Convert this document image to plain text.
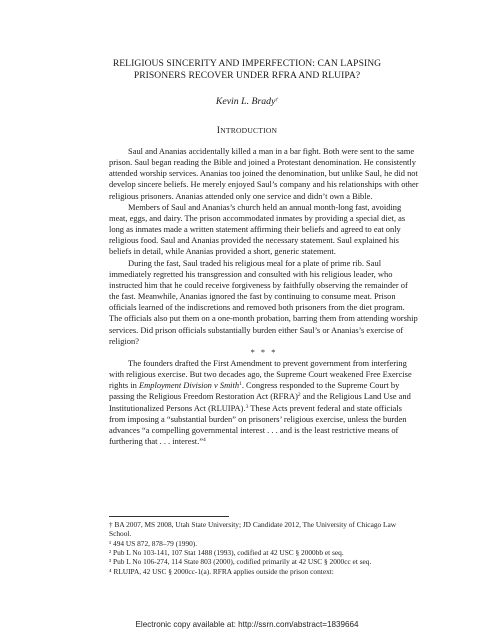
RELIGIOUS SINCERITY AND IMPERFECTION: CAN LAPSING
PRISONERS RECOVER UNDER RFRA AND RLUIPA?
Kevin L. Brady†
INTRODUCTION

Saul and Ananias accidentally killed a man in a bar fight. Both were sent to the same prison. Saul began reading the Bible and joined a Protestant denomination. He consistently attended worship services. Ananias too joined the denomination, but unlike Saul, he did not develop sincere beliefs. He merely enjoyed Saul’s company and his relationships with other religious prisoners. Ananias attended only one service and didn’t own a Bible.

Members of Saul and Ananias’s church held an annual month-long fast, avoiding meat, eggs, and dairy. The prison accommodated inmates by providing a special diet, as long as inmates made a written statement affirming their beliefs and agreed to eat only religious food. Saul and Ananias provided the necessary statement. Saul explained his beliefs in detail, while Ananias provided a short, generic statement.

During the fast, Saul traded his religious meal for a plate of prime rib. Saul immediately regretted his transgression and consulted with his religious leader, who instructed him that he could receive forgiveness by faithfully observing the remainder of the fast. Meanwhile, Ananias ignored the fast by continuing to consume meat. Prison officials learned of the indiscretions and removed both prisoners from the diet program. The officials also put them on a one-month probation, barring them from attending worship services. Did prison officials substantially burden either Saul’s or Ananias’s exercise of religion?

* * *

The founders drafted the First Amendment to prevent government from interfering with religious exercise. But two decades ago, the Supreme Court weakened Free Exercise rights in Employment Division v Smith$^1$. Congress responded to the Supreme Court by passing the Religious Freedom Restoration Act (RFRA)$^2$ and the Religious Land Use and Institutionalized Persons Act (RLUIPA).$^3$ These Acts prevent federal and state officials from imposing a “substantial burden” on prisoners’ religious exercise, unless the burden advances “a compelling governmental interest . . . and is the least restrictive means of furthering that . . . interest.”$^4$

† BA 2007, MS 2008, Utah State University; JD Candidate 2012, The University of Chicago Law School.

¹ 494 US 872, 878–79 (1990).

² Pub L No 103-141, 107 Stat 1488 (1993), codified at 42 USC § 2000bb et seq.

³ Pub L No 106-274, 114 State 803 (2000), codified primarily at 42 USC § 2000cc et seq.

⁴ RLUIPA, 42 USC § 2000cc-1(a). RFRA applies outside the prison context:

Electronic copy available at: http://ssrn.com/abstract=1839664
